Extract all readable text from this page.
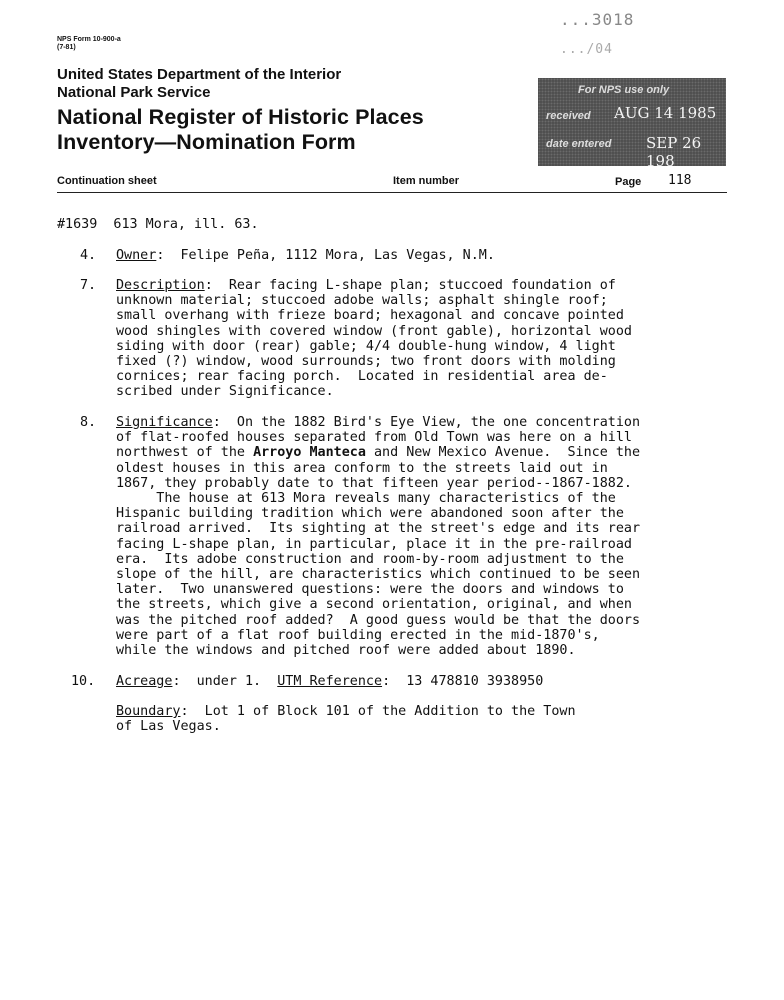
NPS Form 10-900-a
(7-81)
United States Department of the Interior
National Park Service
National Register of Historic Places
Inventory—Nomination Form
...3018
.../04
For NPS use only
received AUG 14 1985
date entered SEP 26 198
Continuation sheet	Item number	Page 118
#1639  613 Mora, ill. 63.
4. Owner:  Felipe Peña, 1112 Mora, Las Vegas, N.M.
7. Description:  Rear facing L-shape plan; stuccoed foundation of
unknown material; stuccoed adobe walls; asphalt shingle roof;
small overhang with frieze board; hexagonal and concave pointed
wood shingles with covered window (front gable), horizontal wood
siding with door (rear) gable; 4/4 double-hung window, 4 light
fixed (?) window, wood surrounds; two front doors with molding
cornices; rear facing porch.  Located in residential area de-
scribed under Significance.
8. Significance:  On the 1882 Bird's Eye View, the one concentration
of flat-roofed houses separated from Old Town was here on a hill
northwest of the Arroyo Manteca and New Mexico Avenue.  Since the
oldest houses in this area conform to the streets laid out in
1867, they probably date to that fifteen year period--1867-1882.
The house at 613 Mora reveals many characteristics of the
Hispanic building tradition which were abandoned soon after the
railroad arrived.  Its sighting at the street's edge and its rear
facing L-shape plan, in particular, place it in the pre-railroad
era.  Its adobe construction and room-by-room adjustment to the
slope of the hill, are characteristics which continued to be seen
later.  Two unanswered questions: were the doors and windows to
the streets, which give a second orientation, original, and when
was the pitched roof added?  A good guess would be that the doors
were part of a flat roof building erected in the mid-1870's,
while the windows and pitched roof were added about 1890.
10. Acreage:  under 1.  UTM Reference:  13 478810 3938950
Boundary:  Lot 1 of Block 101 of the Addition to the Town
of Las Vegas.
